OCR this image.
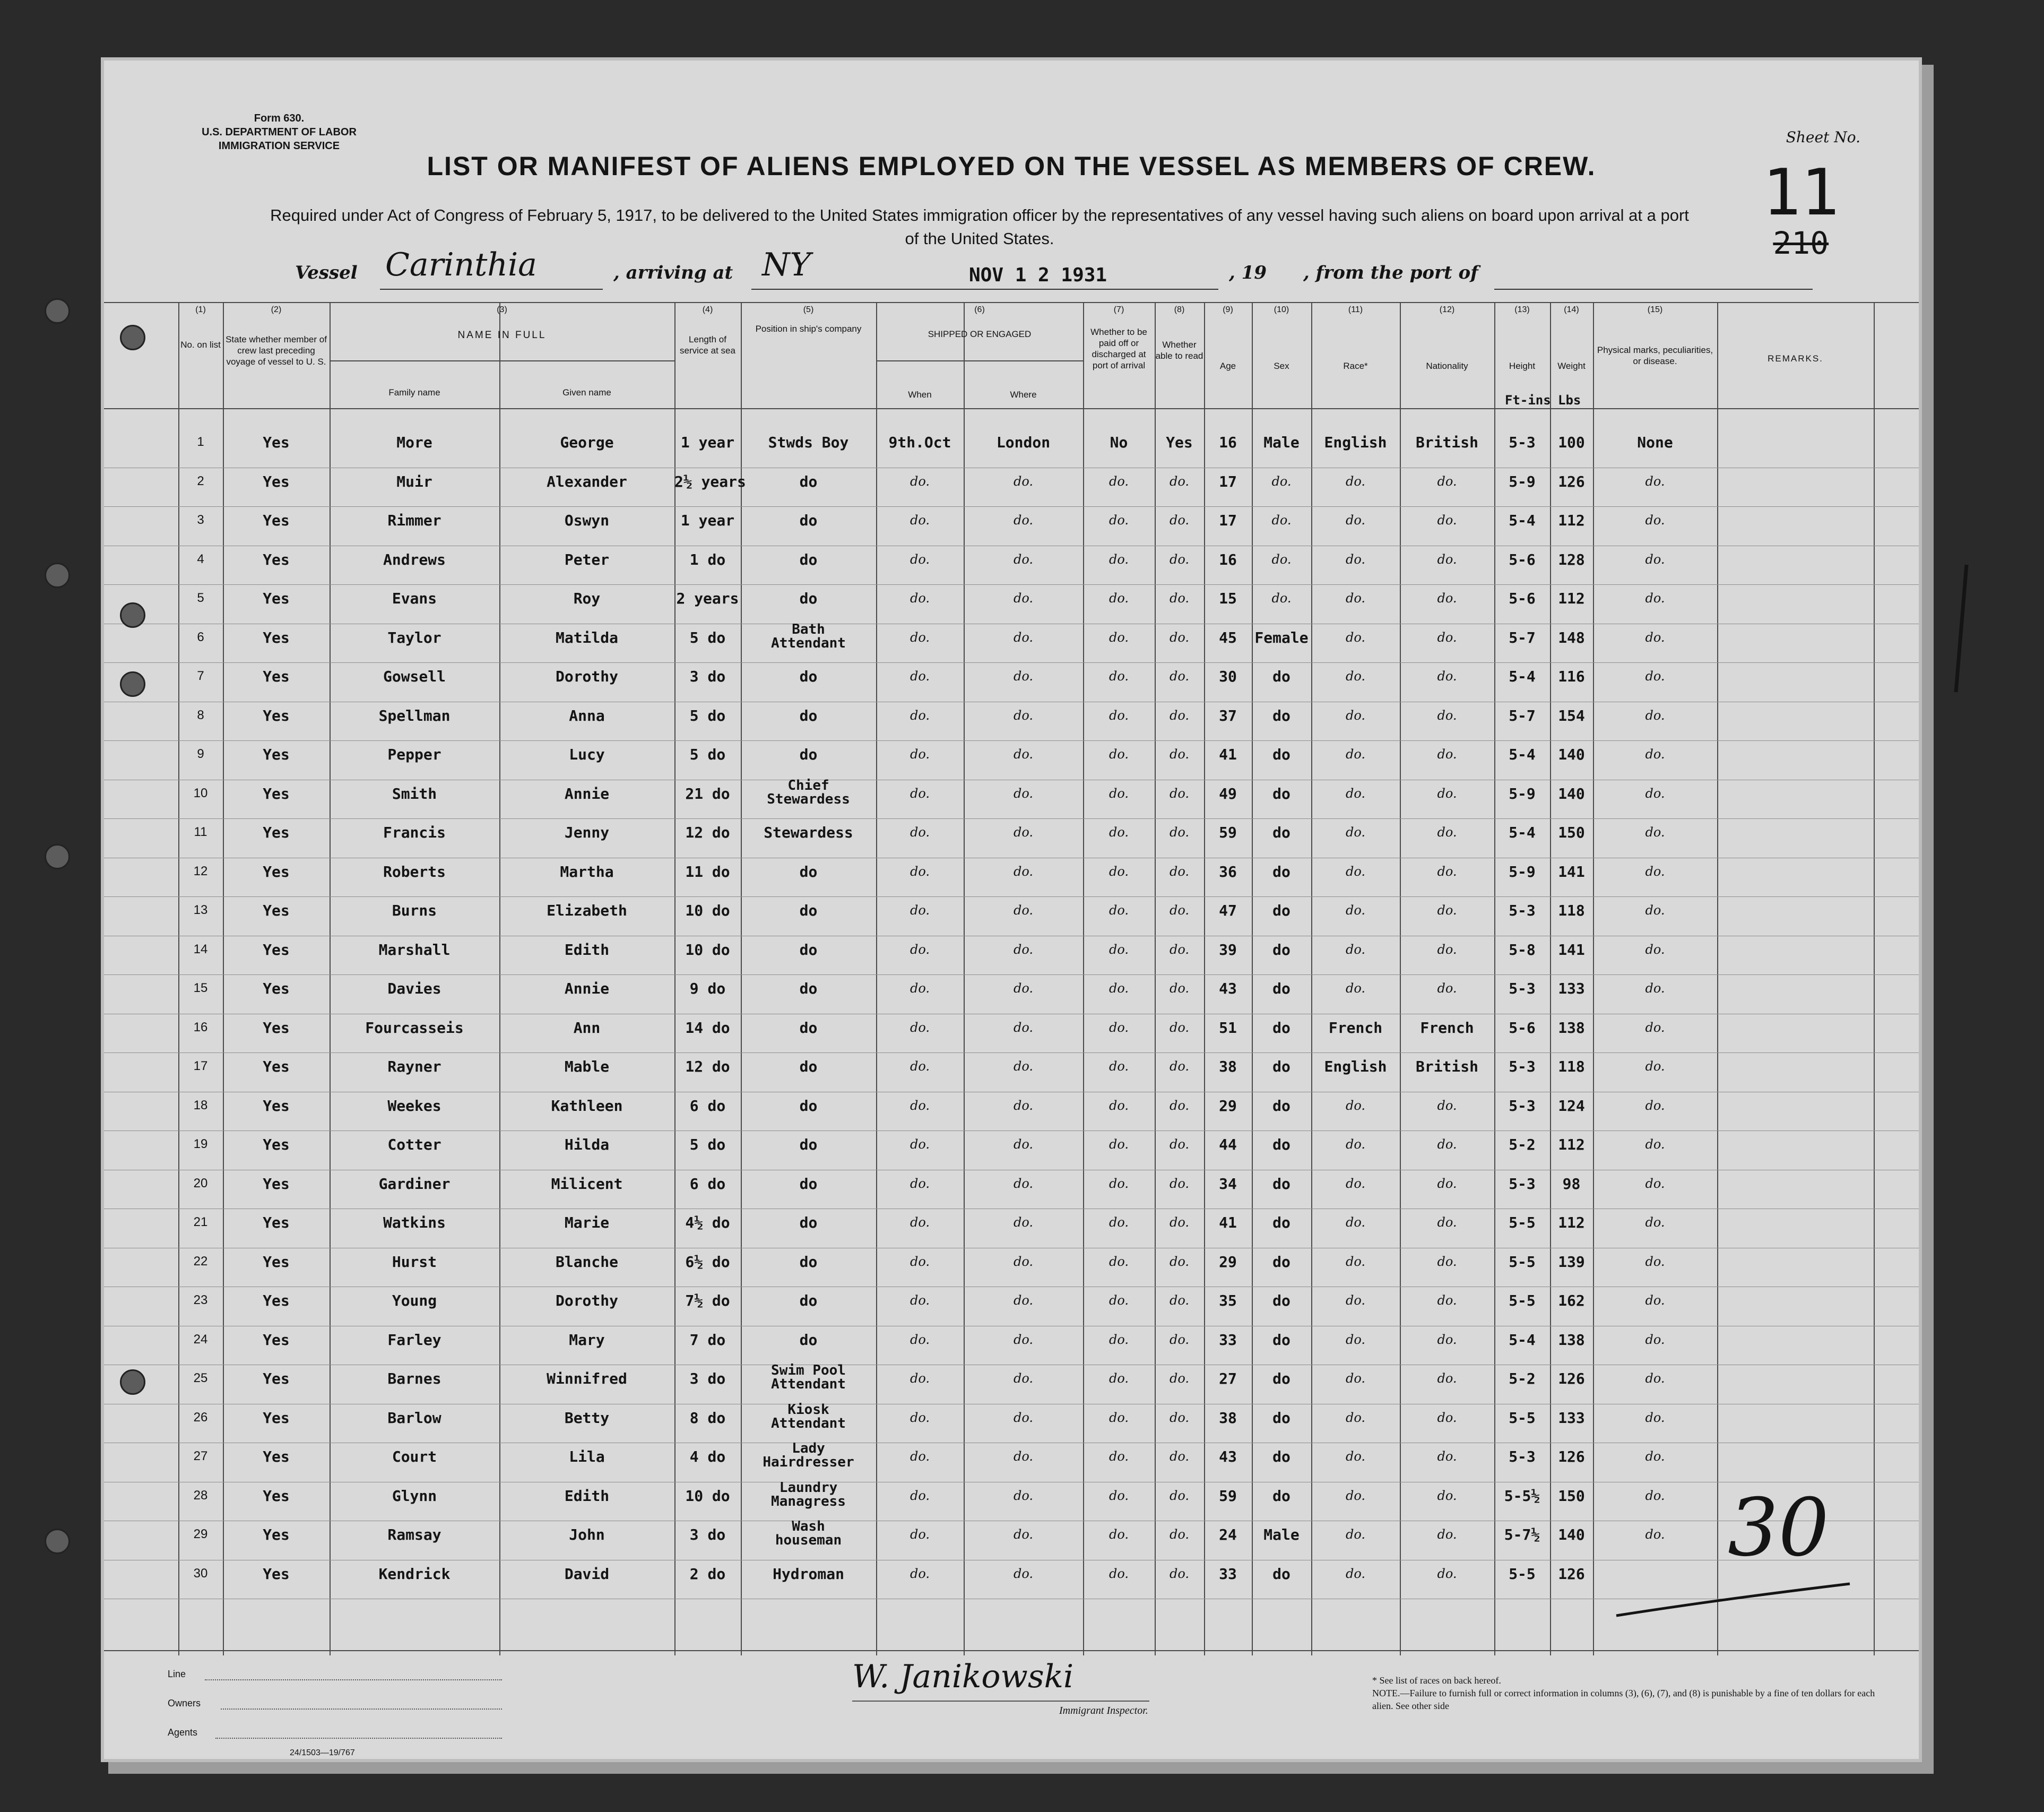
Form 630.
U.S. DEPARTMENT OF LABOR
IMMIGRATION SERVICE	Sheet No.
11
210
LIST OR MANIFEST OF ALIENS EMPLOYED ON THE VESSEL AS MEMBERS OF CREW.
Required under Act of Congress of February 5, 1917, to be delivered to the United States immigration officer by the representatives of any vessel having such aliens on board upon arrival at a port of the United States.
Vessel Carinthia	, arriving at NY	NOV 1 2 1931	, 19 , from the port of
(1)	(2)	(3)	(4)	(5)	(6)	(7)	(8)	(9)	(10)	(11)	(12)	(13)	(14)	(15)
No. on list
State whether member of crew last preceding voyage of vessel to U. S.
NAME IN FULL
Family name	Given name
Length of service at sea
Position in ship's company
SHIPPED OR ENGAGED
When	Where
Whether to be paid off or discharged at port of arrival
Whether able to read
Age	Sex	Race*	Nationality	Height	Weight
Physical marks, peculiarities, or disease.	REMARKS.
Ft-ins Lbs
1	Yes	More	George	1 year	Stwds Boy	9th.Oct	London	No	Yes	16	Male	English	British	5-3	100	None
2	Yes	Muir	Alexander	2½ years	do	do.	do.	do.	do.	17	do.	do.	do.	5-9	126	do.
3	Yes	Rimmer	Oswyn	1 year	do	do.	do.	do.	do.	17	do.	do.	do.	5-4	112	do.
4	Yes	Andrews	Peter	1 do	do	do.	do.	do.	do.	16	do.	do.	do.	5-6	128	do.
5	Yes	Evans	Roy	2 years	do	do.	do.	do.	do.	15	do.	do.	do.	5-6	112	do.
6	Yes	Taylor	Matilda	5 do	Bath
Attendant	do.	do.	do.	do.	45	Female	do.	do.	5-7	148	do.
7	Yes	Gowsell	Dorothy	3 do	do	do.	do.	do.	do.	30	do	do.	do.	5-4	116	do.
8	Yes	Spellman	Anna	5 do	do	do.	do.	do.	do.	37	do	do.	do.	5-7	154	do.
9	Yes	Pepper	Lucy	5 do	do	do.	do.	do.	do.	41	do	do.	do.	5-4	140	do.
10	Yes	Smith	Annie	21 do	Chief
Stewardess	do.	do.	do.	do.	49	do	do.	do.	5-9	140	do.
11	Yes	Francis	Jenny	12 do	Stewardess	do.	do.	do.	do.	59	do	do.	do.	5-4	150	do.
12	Yes	Roberts	Martha	11 do	do	do.	do.	do.	do.	36	do	do.	do.	5-9	141	do.
13	Yes	Burns	Elizabeth	10 do	do	do.	do.	do.	do.	47	do	do.	do.	5-3	118	do.
14	Yes	Marshall	Edith	10 do	do	do.	do.	do.	do.	39	do	do.	do.	5-8	141	do.
15	Yes	Davies	Annie	9 do	do	do.	do.	do.	do.	43	do	do.	do.	5-3	133	do.
16	Yes	Fourcasseis	Ann	14 do	do	do.	do.	do.	do.	51	do	French	French	5-6	138	do.
17	Yes	Rayner	Mable	12 do	do	do.	do.	do.	do.	38	do	English	British	5-3	118	do.
18	Yes	Weekes	Kathleen	6 do	do	do.	do.	do.	do.	29	do	do.	do.	5-3	124	do.
19	Yes	Cotter	Hilda	5 do	do	do.	do.	do.	do.	44	do	do.	do.	5-2	112	do.
20	Yes	Gardiner	Milicent	6 do	do	do.	do.	do.	do.	34	do	do.	do.	5-3	98	do.
21	Yes	Watkins	Marie	4½ do	do	do.	do.	do.	do.	41	do	do.	do.	5-5	112	do.
22	Yes	Hurst	Blanche	6½ do	do	do.	do.	do.	do.	29	do	do.	do.	5-5	139	do.
23	Yes	Young	Dorothy	7½ do	do	do.	do.	do.	do.	35	do	do.	do.	5-5	162	do.
24	Yes	Farley	Mary	7 do	do	do.	do.	do.	do.	33	do	do.	do.	5-4	138	do.
25	Yes	Barnes	Winnifred	3 do	Swim Pool
Attendant	do.	do.	do.	do.	27	do	do.	do.	5-2	126	do.
26	Yes	Barlow	Betty	8 do	Kiosk
Attendant	do.	do.	do.	do.	38	do	do.	do.	5-5	133	do.
27	Yes	Court	Lila	4 do	Lady
Hairdresser	do.	do.	do.	do.	43	do	do.	do.	5-3	126	do.
28	Yes	Glynn	Edith	10 do	Laundry
Managress	do.	do.	do.	do.	59	do	do.	do.	5-5½	150	do.
29	Yes	Ramsay	John	3 do	Wash
houseman	do.	do.	do.	do.	24	Male	do.	do.	5-7½	140	do.
30	Yes	Kendrick	David	2 do	Hydroman	do.	do.	do.	do.	33	do	do.	do.	5-5	126
Line
Owners
Agents
24/1503—19/767
W. Janikowski
Immigrant Inspector.
* See list of races on back hereof.
NOTE.—Failure to furnish full or correct information in columns (3), (6), (7), and (8) is punishable by a fine of ten dollars for each alien. See other side
30
